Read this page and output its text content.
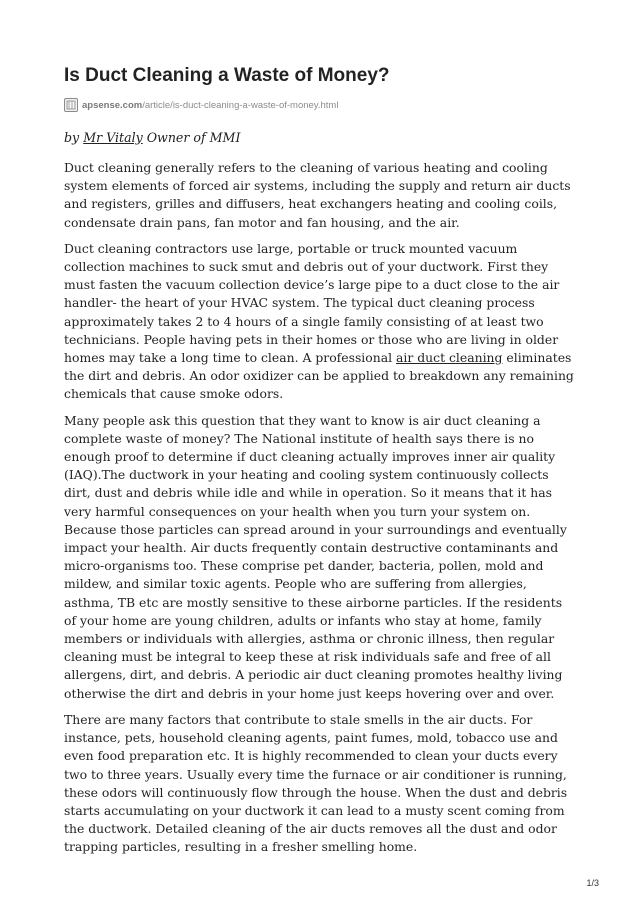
Is Duct Cleaning a Waste of Money?
apsense.com/article/is-duct-cleaning-a-waste-of-money.html
by Mr Vitaly Owner of MMI

Duct cleaning generally refers to the cleaning of various heating and cooling system elements of forced air systems, including the supply and return air ducts and registers, grilles and diffusers, heat exchangers heating and cooling coils, condensate drain pans, fan motor and fan housing, and the air.

Duct cleaning contractors use large, portable or truck mounted vacuum collection machines to suck smut and debris out of your ductwork. First they must fasten the vacuum collection device’s large pipe to a duct close to the air handler- the heart of your HVAC system. The typical duct cleaning process approximately takes 2 to 4 hours of a single family consisting of at least two technicians. People having pets in their homes or those who are living in older homes may take a long time to clean. A professional air duct cleaning eliminates the dirt and debris. An odor oxidizer can be applied to breakdown any remaining chemicals that cause smoke odors.

Many people ask this question that they want to know is air duct cleaning a complete waste of money? The National institute of health says there is no enough proof to determine if duct cleaning actually improves inner air quality (IAQ).The ductwork in your heating and cooling system continuously collects dirt, dust and debris while idle and while in operation. So it means that it has very harmful consequences on your health when you turn your system on. Because those particles can spread around in your surroundings and eventually impact your health. Air ducts frequently contain destructive contaminants and micro-organisms too. These comprise pet dander, bacteria, pollen, mold and mildew, and similar toxic agents. People who are suffering from allergies, asthma, TB etc are mostly sensitive to these airborne particles. If the residents of your home are young children, adults or infants who stay at home, family members or individuals with allergies, asthma or chronic illness, then regular cleaning must be integral to keep these at risk individuals safe and free of all allergens, dirt, and debris. A periodic air duct cleaning promotes healthy living otherwise the dirt and debris in your home just keeps hovering over and over.

There are many factors that contribute to stale smells in the air ducts. For instance, pets, household cleaning agents, paint fumes, mold, tobacco use and even food preparation etc. It is highly recommended to clean your ducts every two to three years. Usually every time the furnace or air conditioner is running, these odors will continuously flow through the house. When the dust and debris starts accumulating on your ductwork it can lead to a musty scent coming from the ductwork. Detailed cleaning of the air ducts removes all the dust and odor trapping particles, resulting in a fresher smelling home.

1/3
